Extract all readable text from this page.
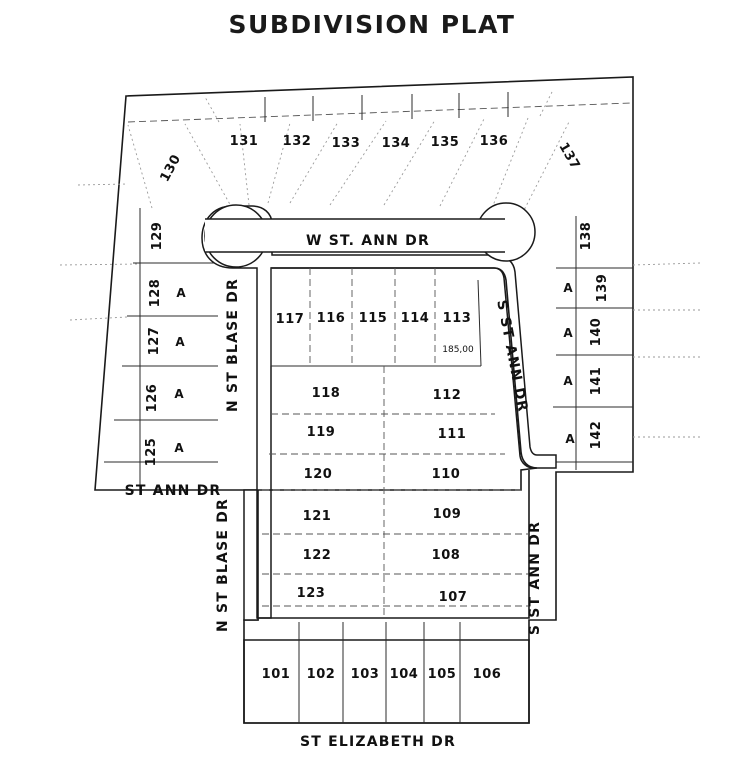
SUBDIVISION PLAT
130
131 132 133 134 135 136	137
138
139
140
141
142
A
A
A
A
129
128
127
126
125
A
A
A
A
117 116 115 114 113
185,00
118
119
120
121
122
123
112
111
110
109
108
107
101 102 103 104 105 106
W ST. ANN DR
N ST BLASE DR
N ST BLASE DR
S ST ANN DR
S ST ANN DR
ST ANN DR
ST ELIZABETH DR
